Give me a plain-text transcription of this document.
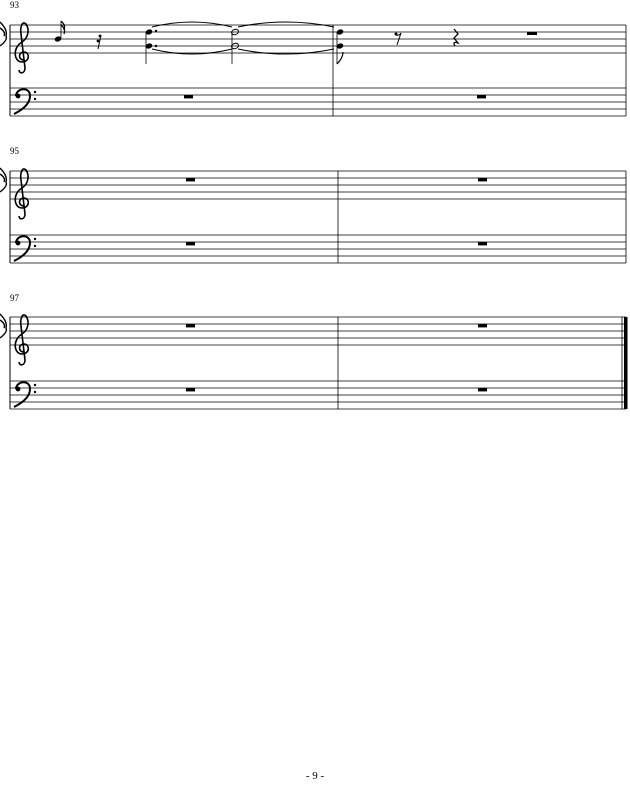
93
95
97
- 9 -
